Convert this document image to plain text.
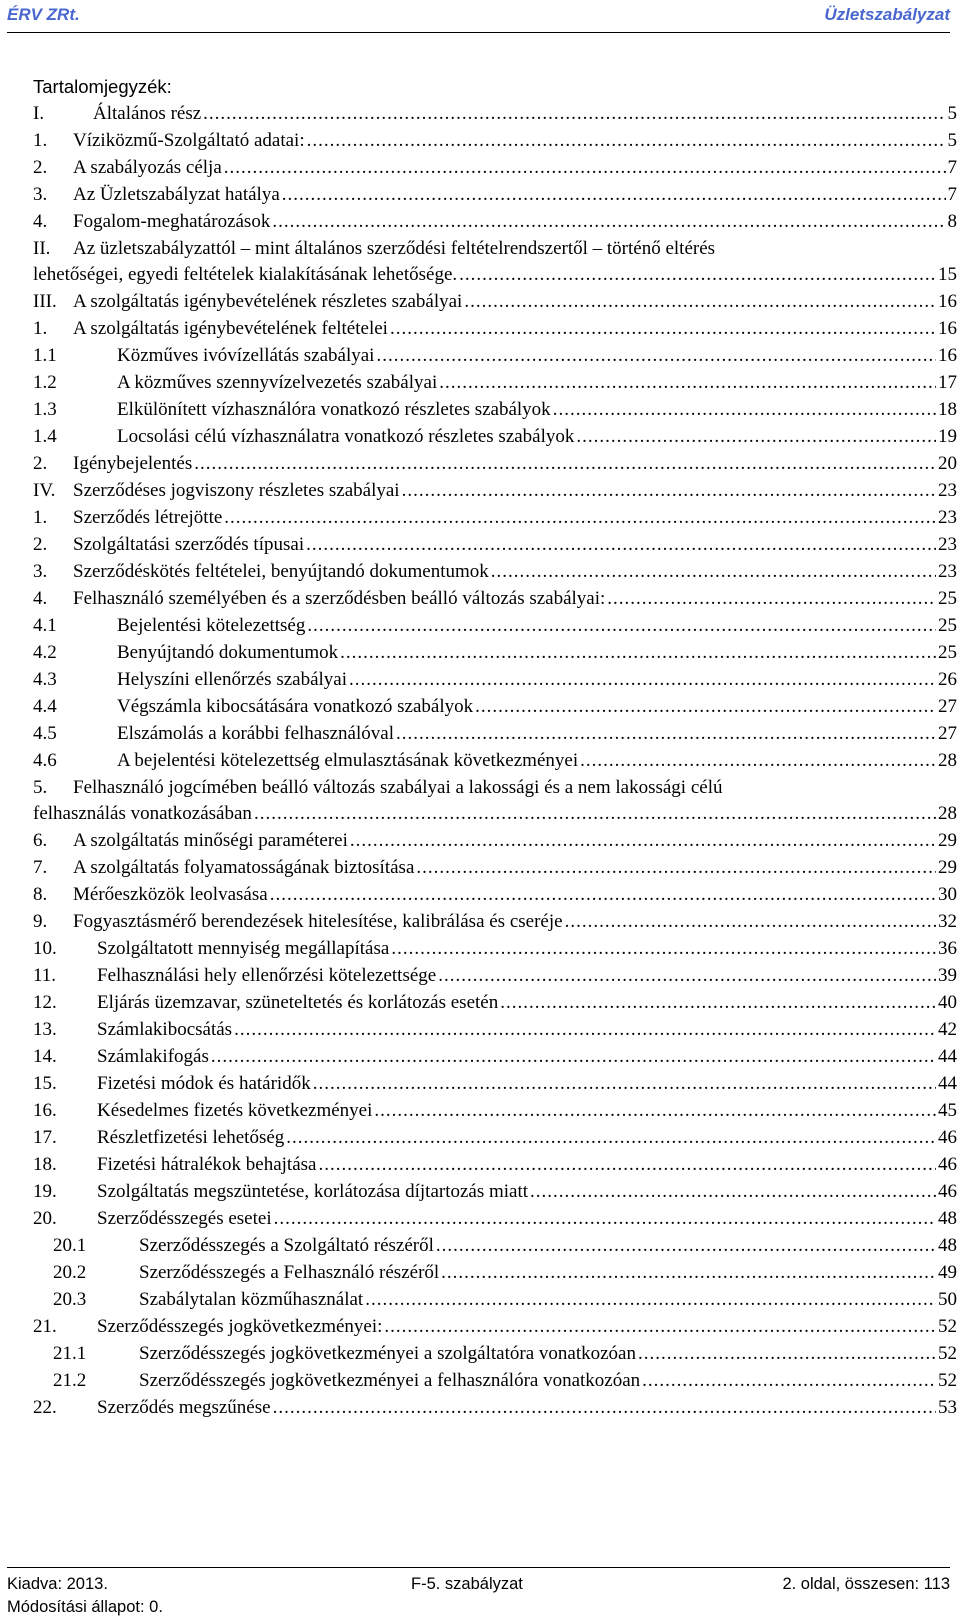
ÉRV ZRt.	Üzletszabályzat
Tartalomjegyzék:
I.	Általános rész .....	5
1.	Víziközmű-Szolgáltató adatai: .....	5
2.	A szabályozás célja .....	7
3.	Az Üzletszabályzat hatálya .....	7
4.	Fogalom-meghatározások .....	8
II. Az üzletszabályzattól – mint általános szerződési feltételrendszertől – történő eltérés
lehetőségei, egyedi feltételek kialakításának lehetősége. .....	15
III. A szolgáltatás igénybevételének részletes szabályai .....	16
1.	A szolgáltatás igénybevételének feltételei .....	16
1.1	Közműves ivóvízellátás szabályai .....	16
1.2	A közműves szennyvízelvezetés szabályai .....	17
1.3	Elkülönített vízhasználóra vonatkozó részletes szabályok .....	18
1.4	Locsolási célú vízhasználatra vonatkozó részletes szabályok .....	19
2.	Igénybejelentés .....	20
IV. Szerződéses jogviszony részletes szabályai .....	23
1.	Szerződés létrejötte .....	23
2.	Szolgáltatási szerződés típusai .....	23
3.	Szerződéskötés feltételei, benyújtandó dokumentumok .....	23
4.	Felhasználó személyében és a szerződésben beálló változás szabályai: .....	25
4.1	Bejelentési kötelezettség .....	25
4.2	Benyújtandó dokumentumok .....	25
4.3	Helyszíni ellenőrzés szabályai .....	26
4.4	Végszámla kibocsátására vonatkozó szabályok .....	27
4.5	Elszámolás a korábbi felhasználóval .....	27
4.6	A bejelentési kötelezettség elmulasztásának következményei .....	28
5. Felhasználó jogcímében beálló változás szabályai a lakossági és a nem lakossági célú
felhasználás vonatkozásában .....	28
6.	A szolgáltatás minőségi paraméterei .....	29
7.	A szolgáltatás folyamatosságának biztosítása .....	29
8.	Mérőeszközök leolvasása .....	30
9.	Fogyasztásmérő berendezések hitelesítése, kalibrálása és cseréje .....	32
10.	Szolgáltatott mennyiség megállapítása .....	36
11.	Felhasználási hely ellenőrzési kötelezettsége .....	39
12.	Eljárás üzemzavar, szüneteltetés és korlátozás esetén .....	40
13.	Számlakibocsátás .....	42
14.	Számlakifogás .....	44
15.	Fizetési módok és határidők .....	44
16.	Késedelmes fizetés következményei .....	45
17.	Részletfizetési lehetőség .....	46
18.	Fizetési hátralékok behajtása .....	46
19.	Szolgáltatás megszüntetése, korlátozása díjtartozás miatt .....	46
20.	Szerződésszegés esetei .....	48
20.1	Szerződésszegés a Szolgáltató részéről .....	48
20.2	Szerződésszegés a Felhasználó részéről .....	49
20.3	Szabálytalan közműhasználat .....	50
21.	Szerződésszegés jogkövetkezményei: .....	52
21.1	Szerződésszegés jogkövetkezményei a szolgáltatóra vonatkozóan .....	52
21.2	Szerződésszegés jogkövetkezményei a felhasználóra vonatkozóan .....	52
22.	Szerződés megszűnése .....	53
Kiadva: 2013.	F-5. szabályzat	2. oldal, összesen: 113
Módosítási állapot: 0.
